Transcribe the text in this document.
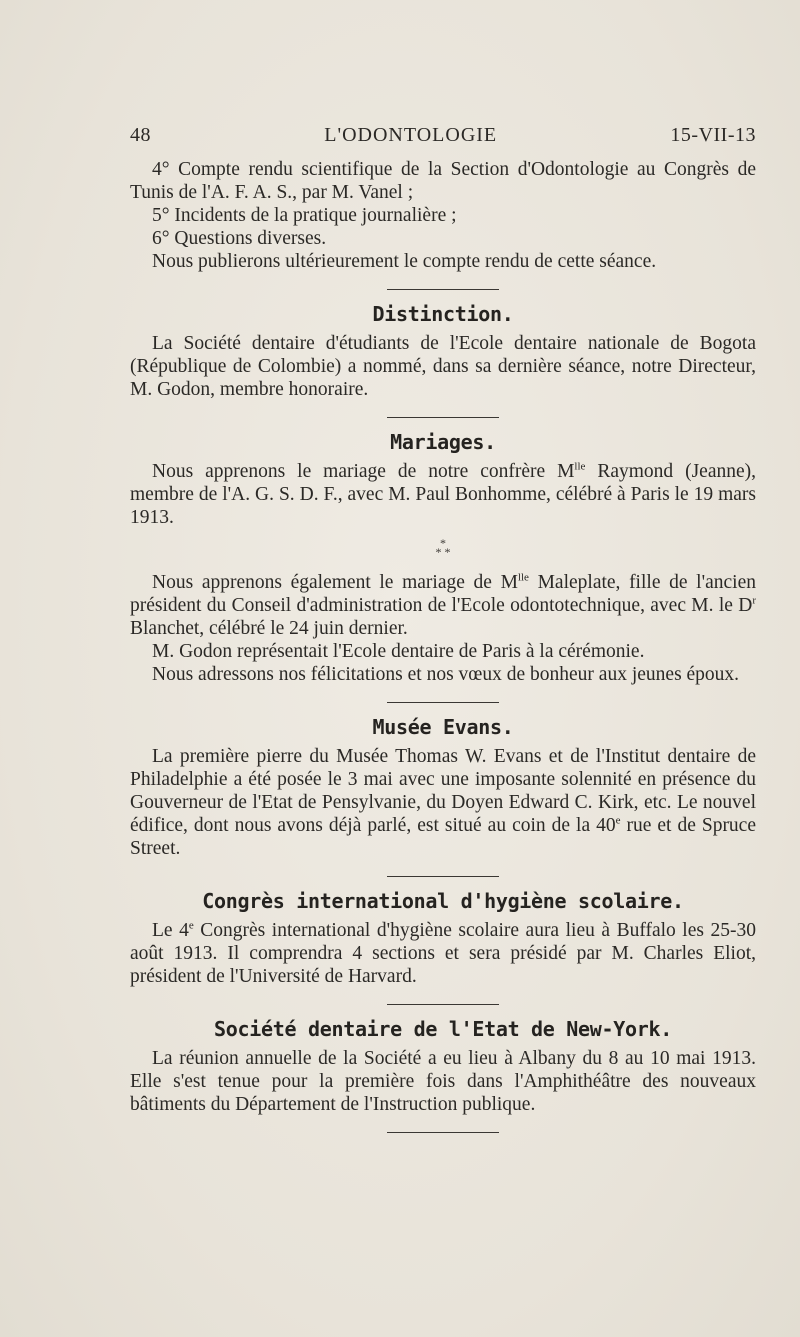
48	L'ODONTOLOGIE	15-VII-13

4° Compte rendu scientifique de la Section d'Odontologie au Congrès de Tunis de l'A. F. A. S., par M. Vanel ;

5° Incidents de la pratique journalière ;

6° Questions diverses.

Nous publierons ultérieurement le compte rendu de cette séance.

Distinction.

La Société dentaire d'étudiants de l'Ecole dentaire nationale de Bogota (République de Colombie) a nommé, dans sa dernière séance, notre Directeur, M. Godon, membre honoraire.

Mariages.

Nous apprenons le mariage de notre confrère $M^{lle}$ Raymond (Jeanne), membre de l'A. G. S. D. F., avec M. Paul Bonhomme, célébré à Paris le 19 mars 1913.

*
* *

Nous apprenons également le mariage de $M^{lle}$ Maleplate, fille de l'ancien président du Conseil d'administration de l'Ecole odontotechnique, avec M. le $D^r$ Blanchet, célébré le 24 juin dernier.

M. Godon représentait l'Ecole dentaire de Paris à la cérémonie.

Nous adressons nos félicitations et nos vœux de bonheur aux jeunes époux.

Musée Evans.

La première pierre du Musée Thomas W. Evans et de l'Institut dentaire de Philadelphie a été posée le 3 mai avec une imposante solennité en présence du Gouverneur de l'Etat de Pensylvanie, du Doyen Edward C. Kirk, etc. Le nouvel édifice, dont nous avons déjà parlé, est situé au coin de la 40e rue et de Spruce Street.

Congrès international d'hygiène scolaire.

Le 4e Congrès international d'hygiène scolaire aura lieu à Buffalo les 25-30 août 1913. Il comprendra 4 sections et sera présidé par M. Charles Eliot, président de l'Université de Harvard.

Société dentaire de l'Etat de New-York.

La réunion annuelle de la Société a eu lieu à Albany du 8 au 10 mai 1913. Elle s'est tenue pour la première fois dans l'Amphithéâtre des nouveaux bâtiments du Département de l'Instruction publique.
